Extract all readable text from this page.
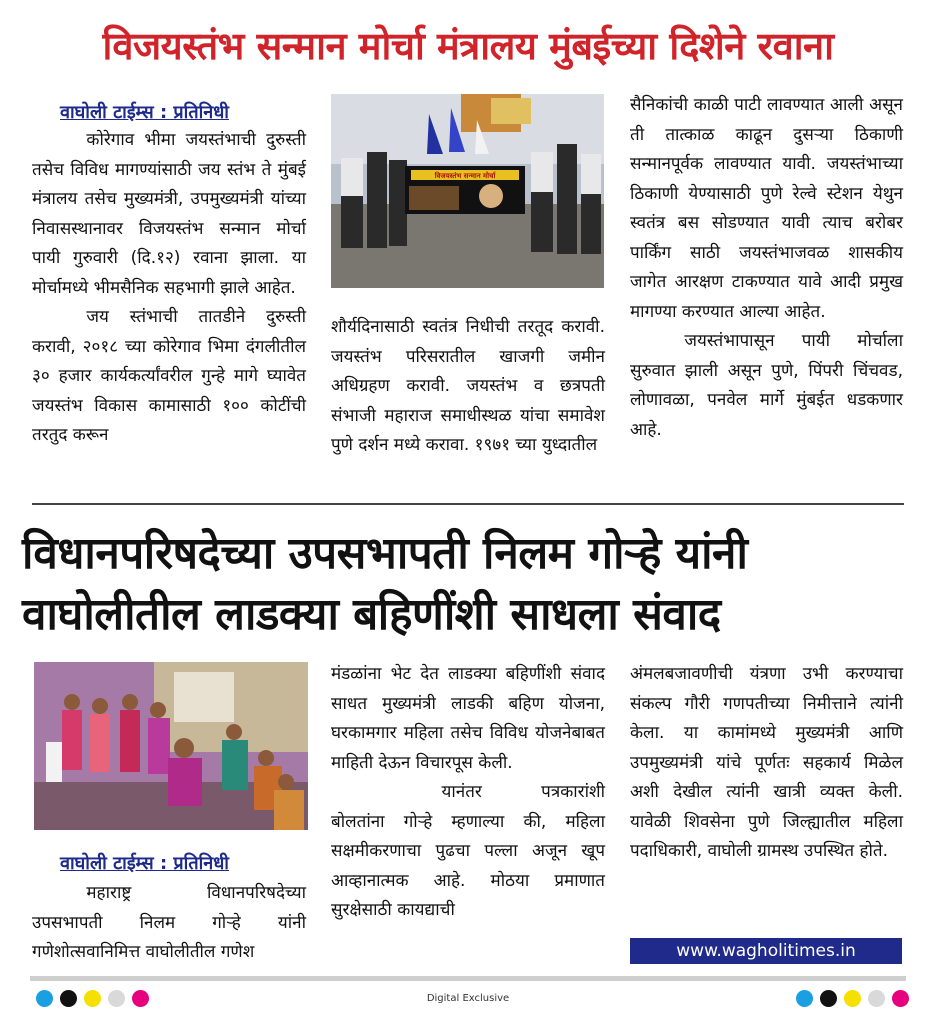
विजयस्तंभ सन्मान मोर्चा मंत्रालय मुंबईच्या दिशेने रवाना
वाघोली टाईम्स : प्रतिनिधी

कोरेगाव भीमा जयस्तंभाची दुरुस्ती तसेच विविध मागण्यांसाठी जय स्तंभ ते मुंबई मंत्रालय तसेच मुख्यमंत्री, उपमुख्यमंत्री यांच्या निवासस्थानावर विजयस्तंभ सन्मान मोर्चा पायी गुरुवारी (दि.१२) रवाना झाला. या मोर्चामध्ये भीमसैनिक सहभागी झाले आहेत.

जय स्तंभाची तातडीने दुरुस्ती करावी, २०१८ च्या कोरेगाव भिमा दंगलीतील ३० हजार कार्यकर्त्यांवरील गुन्हे मागे घ्यावेत जयस्तंभ विकास कामासाठी १०० कोटींची तरतुद करून

विजयस्तंभ सन्मान मोर्चा

शौर्यदिनासाठी स्वतंत्र निधीची तरतूद करावी. जयस्तंभ परिसरातील खाजगी जमीन अधिग्रहण करावी. जयस्तंभ व छत्रपती संभाजी महाराज समाधीस्थळ यांचा समावेश पुणे दर्शन मध्ये करावा. १९७१ च्या युध्दातील

सैनिकांची काळी पाटी लावण्यात आली असून ती तात्काळ काढून दुसऱ्या ठिकाणी सन्मानपूर्वक लावण्यात यावी. जयस्तंभाच्या ठिकाणी येण्यासाठी पुणे रेल्वे स्टेशन येथुन स्वतंत्र बस सोडण्यात यावी त्याच बरोबर पार्किंग साठी जयस्तंभाजवळ शासकीय जागेत आरक्षण टाकण्यात यावे आदी प्रमुख मागण्या करण्यात आल्या आहेत.

जयस्तंभापासून पायी मोर्चाला सुरुवात झाली असून पुणे, पिंपरी चिंचवड, लोणावळा, पनवेल मार्गे मुंबईत धडकणार आहे.

विधानपरिषदेच्या उपसभापती निलम गोऱ्हे यांनी
वाघोलीतील लाडक्या बहिणींशी साधला संवाद
वाघोली टाईम्स : प्रतिनिधी

महाराष्ट्र विधानपरिषदेच्या उपसभापती निलम गोऱ्हे यांनी गणेशोत्सवानिमित्त वाघोलीतील गणेश

मंडळांना भेट देत लाडक्या बहिणींशी संवाद साधत मुख्यमंत्री लाडकी बहिण योजना, घरकामगार महिला तसेच विविध योजनेबाबत माहिती देऊन विचारपूस केली.

यानंतर पत्रकारांशी बोलतांना गोऱ्हे म्हणाल्या की, महिला सक्षमीकरणाचा पुढचा पल्ला अजून खूप आव्हानात्मक आहे. मोठया प्रमाणात सुरक्षेसाठी कायद्याची

अंमलबजावणीची यंत्रणा उभी करण्याचा संकल्प गौरी गणपतीच्या निमीत्ताने त्यांनी केला. या कामांमध्ये मुख्यमंत्री आणि उपमुख्यमंत्री यांचे पूर्णतः सहकार्य मिळेल अशी देखील त्यांनी खात्री व्यक्त केली. यावेळी शिवसेना पुणे जिल्ह्यातील महिला पदाधिकारी, वाघोली ग्रामस्थ उपस्थित होते.

www.wagholitimes.in
Digital Exclusive
